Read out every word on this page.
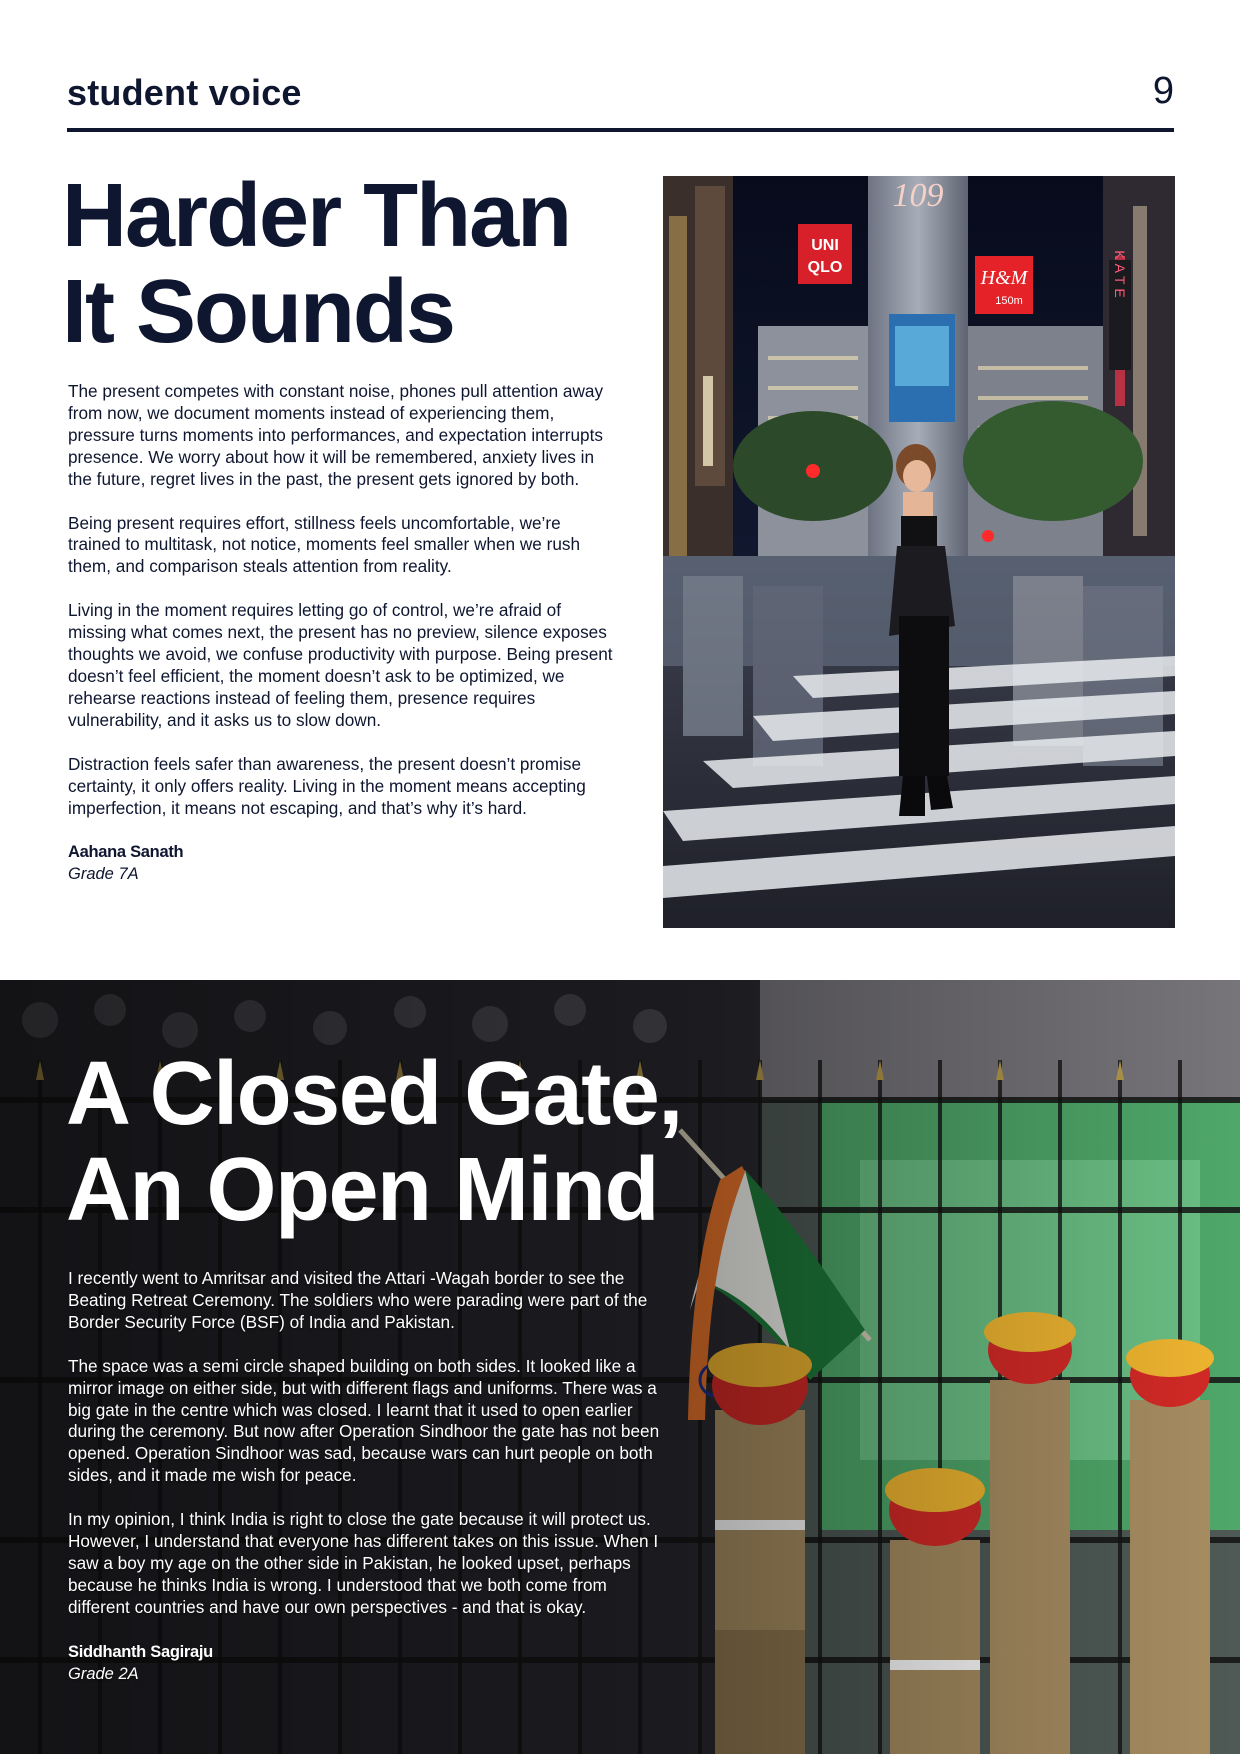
student voice	9
Harder Than
It Sounds

The present competes with constant noise, phones pull attention away from now, we document moments instead of experiencing them, pressure turns moments into performances, and expectation interrupts presence. We worry about how it will be remembered, anxiety lives in the future, regret lives in the past, the present gets ignored by both.

Being present requires effort, stillness feels uncomfortable, we’re trained to multitask, not notice, moments feel smaller when we rush them, and comparison steals attention from reality.

Living in the moment requires letting go of control, we’re afraid of missing what comes next, the present has no preview, silence exposes thoughts we avoid, we confuse productivity with purpose. Being present doesn’t feel efficient, the moment doesn’t ask to be optimized, we rehearse reactions instead of feeling them, presence requires vulnerability, and it asks us to slow down.

Distraction feels safer than awareness, the present doesn’t promise certainty, it only offers reality. Living in the moment means accepting imperfection, it means not escaping, and that’s why it’s hard.

Aahana Sanath

Grade 7A

109
UNI
QLO	H&M
150m	KATE
A Closed Gate,
An Open Mind

I recently went to Amritsar and visited the Attari -Wagah border to see the Beating Retreat Ceremony. The soldiers who were parading were part of the Border Security Force (BSF) of India and Pakistan.

The space was a semi circle shaped building on both sides. It looked like a mirror image on either side, but with different flags and uniforms. There was a big gate in the centre which was closed. I learnt that it used to open earlier during the ceremony. But now after Operation Sindhoor the gate has not been opened. Operation Sindhoor was sad, because wars can hurt people on both sides, and it made me wish for peace.

In my opinion, I think India is right to close the gate because it will protect us. However, I understand that everyone has different takes on this issue. When I saw a boy my age on the other side in Pakistan, he looked upset, perhaps because he thinks India is wrong. I understood that we both come from different countries and have our own perspectives - and that is okay.

Siddhanth Sagiraju

Grade 2A
